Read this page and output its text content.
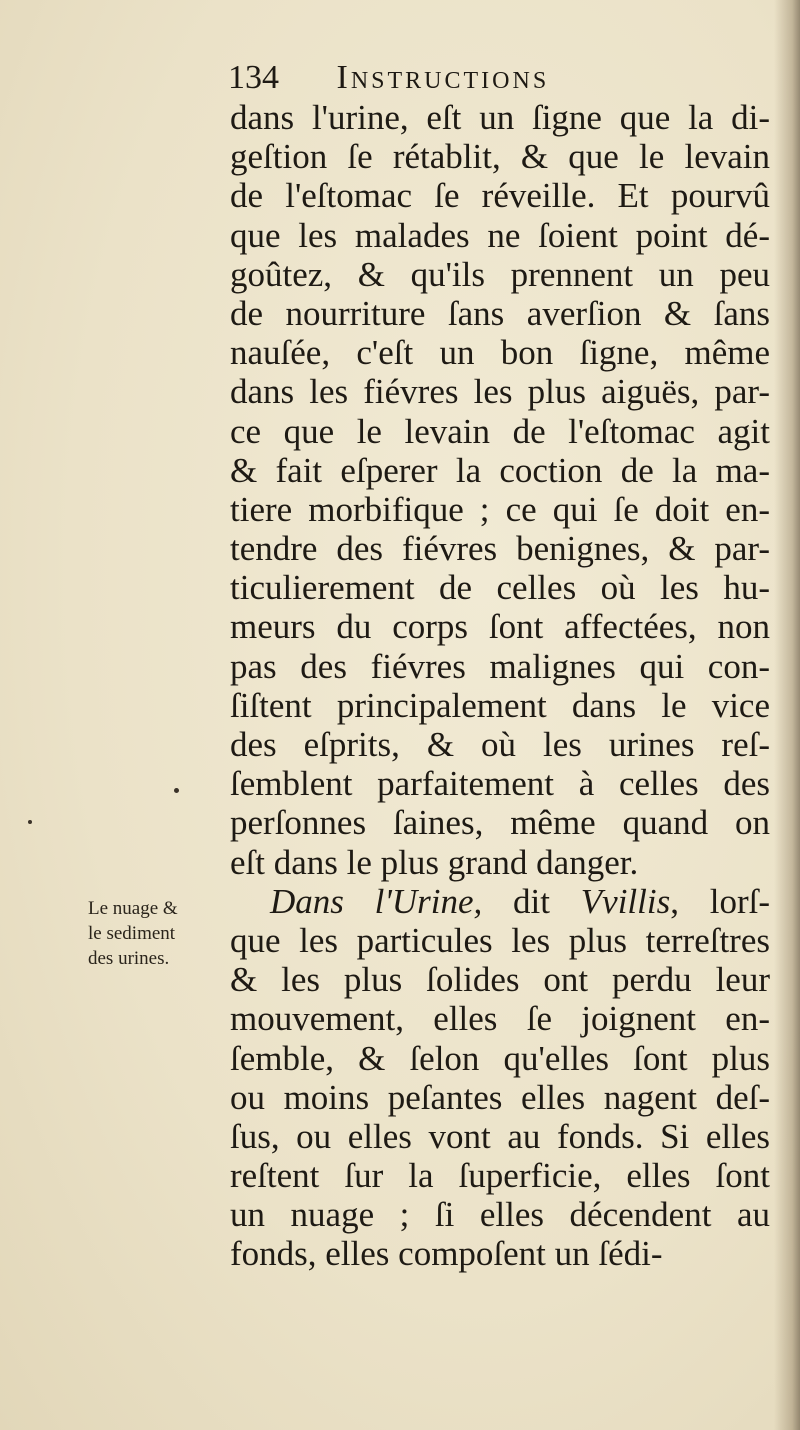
134 Instructions
Le nuage &
le sediment
des urines.
dans l'urine, eſt un ſigne que la di-
geſtion ſe rétablit, & que le levain
de l'eſtomac ſe réveille. Et pourvû
que les malades ne ſoient point dé-
goûtez, & qu'ils prennent un peu
de nourriture ſans averſion & ſans
nauſée, c'eſt un bon ſigne, même
dans les fiévres les plus aiguës, par-
ce que le levain de l'eſtomac agit
& fait eſperer la coction de la ma-
tiere morbifique ; ce qui ſe doit en-
tendre des fiévres benignes, & par-
ticulierement de celles où les hu-
meurs du corps ſont affectées, non
pas des fiévres malignes qui con-
ſiſtent principalement dans le vice
des eſprits, & où les urines reſ-
ſemblent parfaitement à celles des
perſonnes ſaines, même quand on
eſt dans le plus grand danger.
Dans l'Urine, dit Vvillis, lorſ-
que les particules les plus terreſtres
& les plus ſolides ont perdu leur
mouvement, elles ſe joignent en-
ſemble, & ſelon qu'elles ſont plus
ou moins peſantes elles nagent deſ-
ſus, ou elles vont au fonds. Si elles
reſtent ſur la ſuperficie, elles ſont
un nuage ; ſi elles décendent au
fonds, elles compoſent un ſédi-
